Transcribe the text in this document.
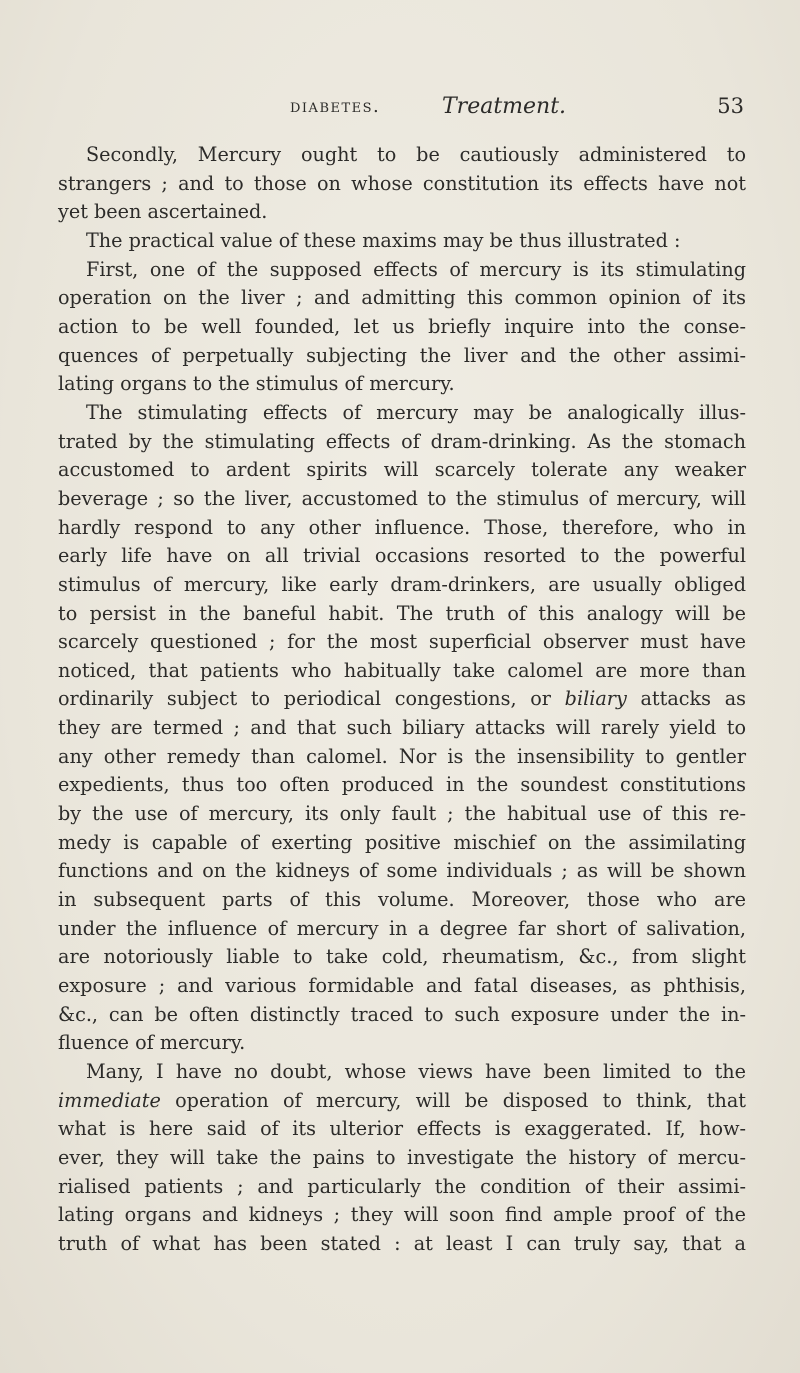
diabetes.	Treatment.	53
Secondly, Mercury ought to be cautiously administered to
strangers ; and to those on whose constitution its effects have not
yet been ascertained.
The practical value of these maxims may be thus illustrated :
First, one of the supposed effects of mercury is its stimulating
operation on the liver ; and admitting this common opinion of its
action to be well founded, let us briefly inquire into the conse-
quences of perpetually subjecting the liver and the other assimi-
lating organs to the stimulus of mercury.
The stimulating effects of mercury may be analogically illus-
trated by the stimulating effects of dram-drinking. As the stomach
accustomed to ardent spirits will scarcely tolerate any weaker
beverage ; so the liver, accustomed to the stimulus of mercury, will
hardly respond to any other influence. Those, therefore, who in
early life have on all trivial occasions resorted to the powerful
stimulus of mercury, like early dram-drinkers, are usually obliged
to persist in the baneful habit. The truth of this analogy will be
scarcely questioned ; for the most superficial observer must have
noticed, that patients who habitually take calomel are more than
ordinarily subject to periodical congestions, or biliary attacks as
they are termed ; and that such biliary attacks will rarely yield to
any other remedy than calomel. Nor is the insensibility to gentler
expedients, thus too often produced in the soundest constitutions
by the use of mercury, its only fault ; the habitual use of this re-
medy is capable of exerting positive mischief on the assimilating
functions and on the kidneys of some individuals ; as will be shown
in subsequent parts of this volume. Moreover, those who are
under the influence of mercury in a degree far short of salivation,
are notoriously liable to take cold, rheumatism, &c., from slight
exposure ; and various formidable and fatal diseases, as phthisis,
&c., can be often distinctly traced to such exposure under the in-
fluence of mercury.
Many, I have no doubt, whose views have been limited to the
immediate operation of mercury, will be disposed to think, that
what is here said of its ulterior effects is exaggerated. If, how-
ever, they will take the pains to investigate the history of mercu-
rialised patients ; and particularly the condition of their assimi-
lating organs and kidneys ; they will soon find ample proof of the
truth of what has been stated : at least I can truly say, that a
